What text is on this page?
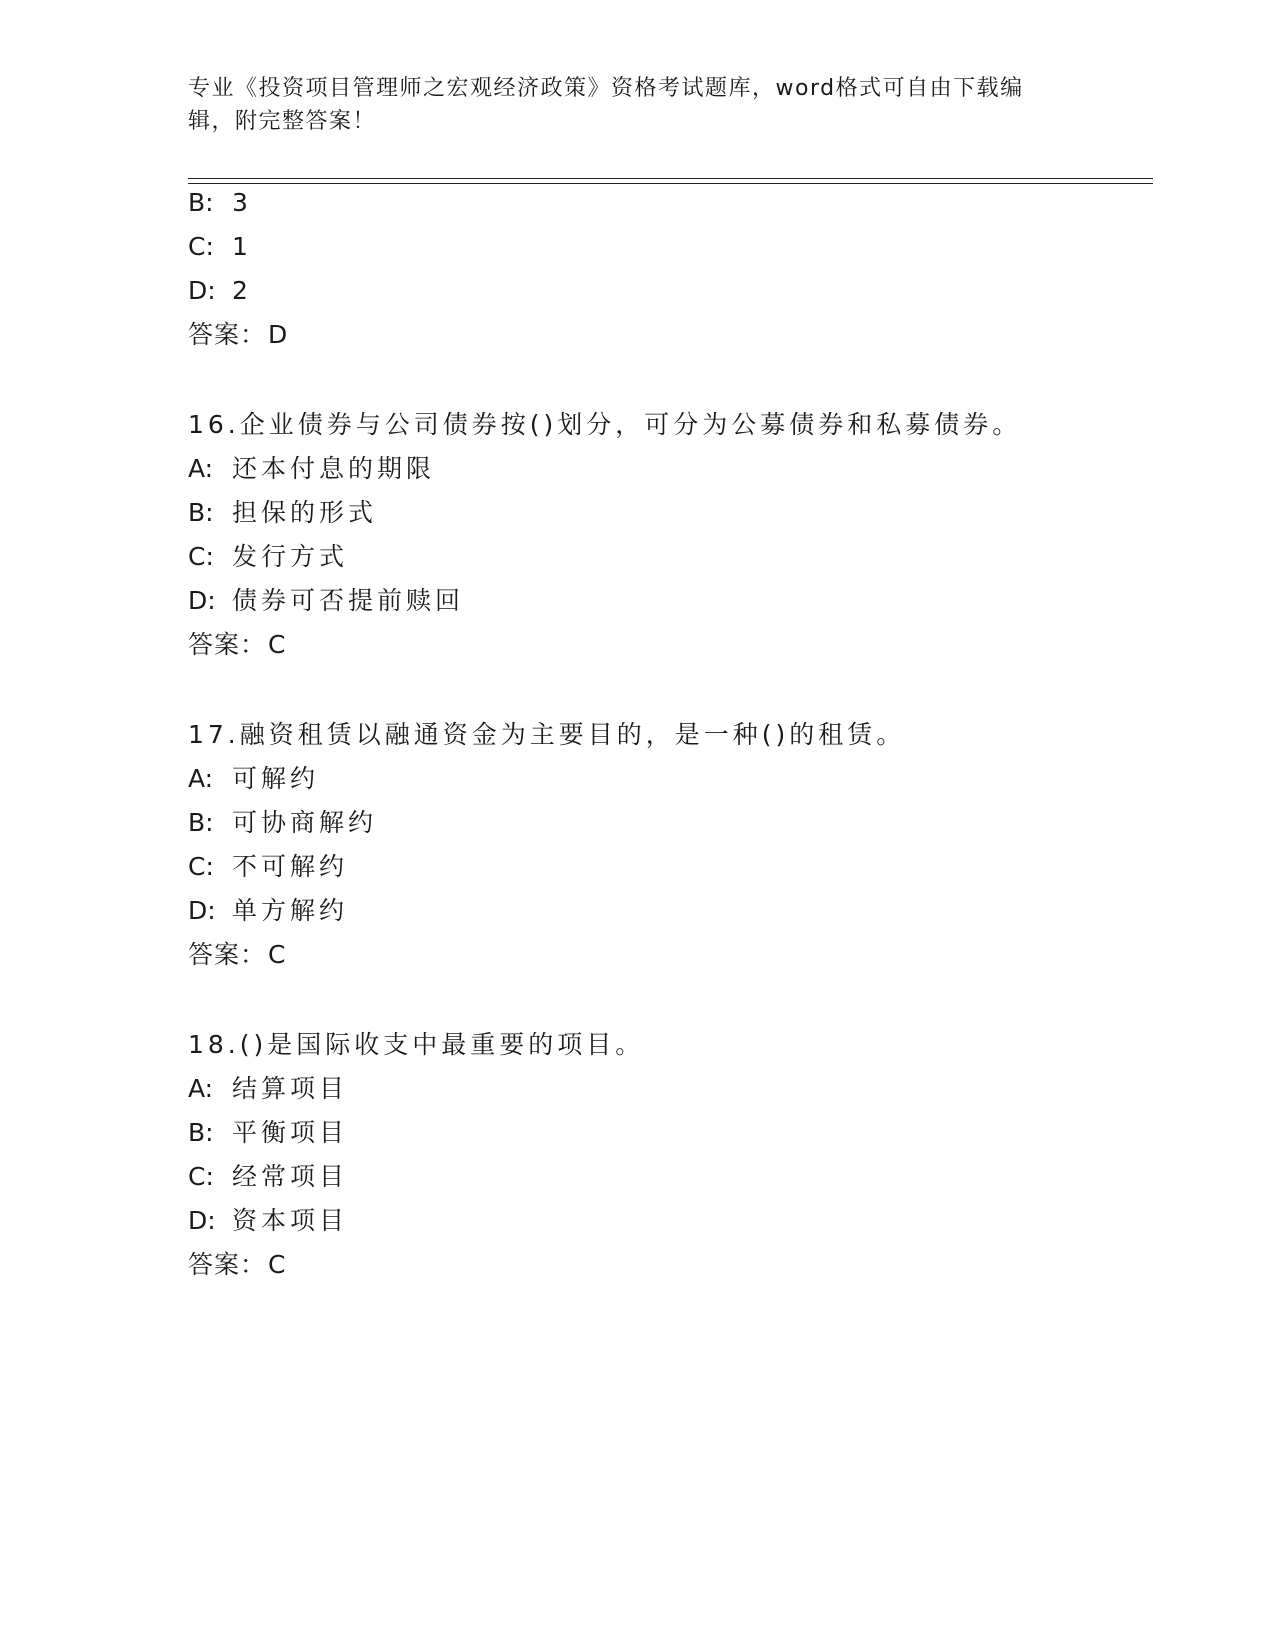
专业《投资项目管理师之宏观经济政策》资格考试题库，word格式可自由下载编
辑，附完整答案！
B: 3
C: 1
D: 2
答案：D
16.企业债券与公司债券按()划分，可分为公募债券和私募债券。
A: 还本付息的期限
B: 担保的形式
C: 发行方式
D: 债券可否提前赎回
答案：C
17.融资租赁以融通资金为主要目的，是一种()的租赁。
A: 可解约
B: 可协商解约
C: 不可解约
D: 单方解约
答案：C
18.()是国际收支中最重要的项目。
A: 结算项目
B: 平衡项目
C: 经常项目
D: 资本项目
答案：C
